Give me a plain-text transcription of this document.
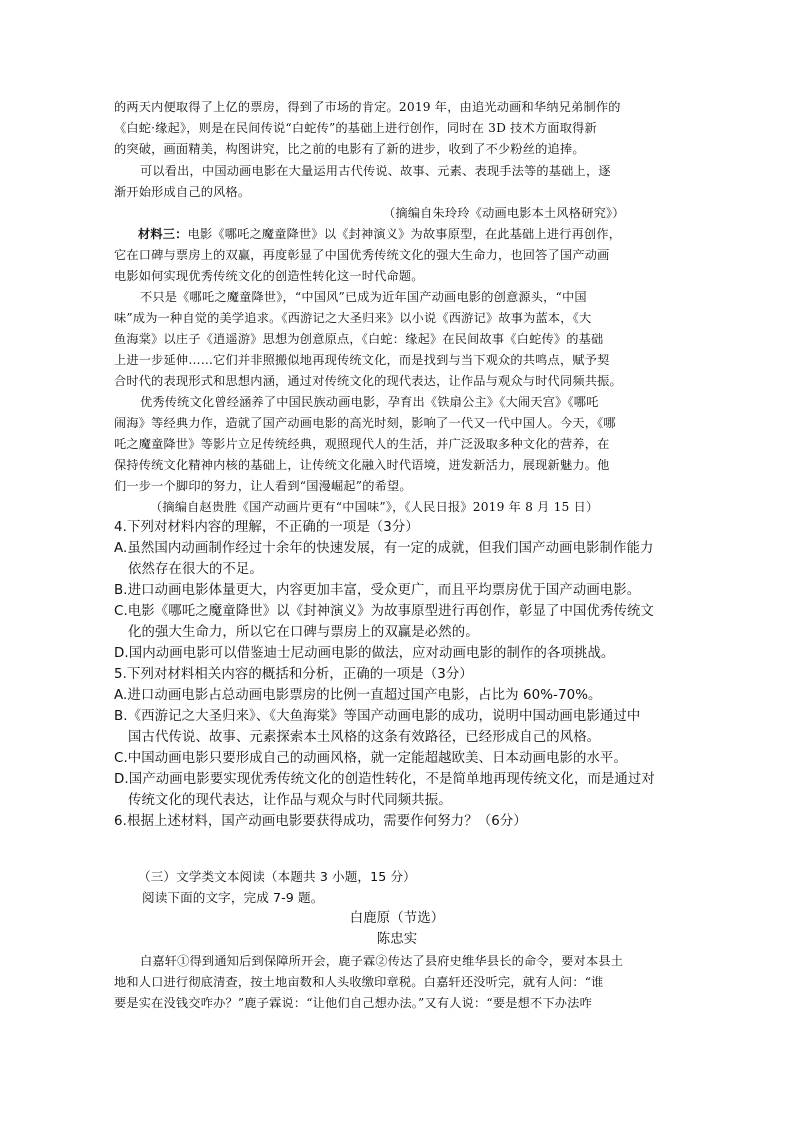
的两天内便取得了上亿的票房，得到了市场的肯定。2019 年，由追光动画和华纳兄弟制作的
《白蛇·缘起》，则是在民间传说“白蛇传”的基础上进行创作，同时在 3D 技术方面取得新
的突破，画面精美，构图讲究，比之前的电影有了新的进步，收到了不少粉丝的追捧。
可以看出，中国动画电影在大量运用古代传说、故事、元素、表现手法等的基础上，逐
渐开始形成自己的风格。
（摘编自朱玲玲《动画电影本土风格研究》）
材料三：电影《哪吒之魔童降世》以《封神演义》为故事原型，在此基础上进行再创作，
它在口碑与票房上的双赢，再度彰显了中国优秀传统文化的强大生命力，也回答了国产动画
电影如何实现优秀传统文化的创造性转化这一时代命题。
不只是《哪吒之魔童降世》，“中国风”已成为近年国产动画电影的创意源头，“中国
味”成为一种自觉的美学追求。《西游记之大圣归来》以小说《西游记》故事为蓝本，《大
鱼海棠》以庄子《逍遥游》思想为创意原点，《白蛇：缘起》在民间故事《白蛇传》的基础
上进一步延伸……它们并非照搬似地再现传统文化，而是找到与当下观众的共鸣点，赋予契
合时代的表现形式和思想内涵，通过对传统文化的现代表达，让作品与观众与时代同频共振。
优秀传统文化曾经涵养了中国民族动画电影，孕育出《铁扇公主》《大闹天宫》《哪吒
闹海》等经典力作，造就了国产动画电影的高光时刻，影响了一代又一代中国人。今天，《哪
吒之魔童降世》等影片立足传统经典，观照现代人的生活，并广泛汲取多种文化的营养，在
保持传统文化精神内核的基础上，让传统文化融入时代语境，迸发新活力，展现新魅力。他
们一步一个脚印的努力，让人看到“国漫崛起”的希望。
（摘编自赵贵胜《国产动画片更有“中国味”》，《人民日报》2019 年 8 月 15 日）
4.下列对材料内容的理解，不正确的一项是（3分）
A.虽然国内动画制作经过十余年的快速发展，有一定的成就，但我们国产动画电影制作能力
依然存在很大的不足。
B.进口动画电影体量更大，内容更加丰富，受众更广，而且平均票房优于国产动画电影。
C.电影《哪吒之魔童降世》以《封神演义》为故事原型进行再创作，彰显了中国优秀传统文
化的强大生命力，所以它在口碑与票房上的双赢是必然的。
D.国内动画电影可以借鉴迪士尼动画电影的做法，应对动画电影的制作的各项挑战。
5.下列对材料相关内容的概括和分析，正确的一项是（3分）
A.进口动画电影占总动画电影票房的比例一直超过国产电影，占比为 60%-70%。
B.《西游记之大圣归来》、《大鱼海棠》等国产动画电影的成功，说明中国动画电影通过中
国古代传说、故事、元素探索本土风格的这条有效路径，已经形成自己的风格。
C.中国动画电影只要形成自己的动画风格，就一定能超越欧美、日本动画电影的水平。
D.国产动画电影要实现优秀传统文化的创造性转化，不是简单地再现传统文化，而是通过对
传统文化的现代表达，让作品与观众与时代同频共振。
6.根据上述材料，国产动画电影要获得成功，需要作何努力？（6分）
（三）文学类文本阅读（本题共 3 小题，15 分）
阅读下面的文字，完成 7-9 题。
白鹿原（节选）
陈忠实
白嘉轩①得到通知后到保障所开会，鹿子霖②传达了县府史维华县长的命令，要对本县土
地和人口进行彻底清查，按土地亩数和人头收缴印章税。白嘉轩还没听完，就有人问：“谁
要是实在没钱交咋办？”鹿子霖说：“让他们自己想办法。”又有人说：“要是想不下办法咋
